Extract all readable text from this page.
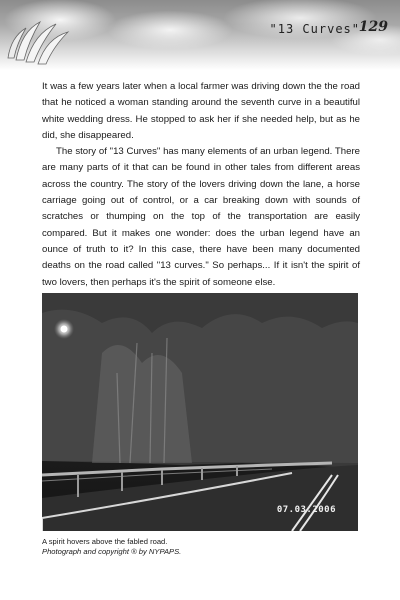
"13 Curves"
129

It was a few years later when a local farmer was driving down the the road that he noticed a woman standing around the seventh curve in a beautiful white wedding dress. He stopped to ask her if she needed help, but as he did, she disappeared.

The story of "13 Curves" has many elements of an urban legend. There are many parts of it that can be found in other tales from different areas across the country. The story of the lovers driving down the lane, a horse carriage going out of control, or a car breaking down with sounds of scratches or thumping on the top of the transportation are easily compared. But it makes one wonder: does the urban legend have an ounce of truth to it? In this case, there have been many documented deaths on the road called "13 curves." So perhaps... If it isn't the spirit of two lovers, then perhaps it's the spirit of someone else.

07.03.2006
A spirit hovers above the fabled road.
Photograph and copyright ® by NYPAPS.
